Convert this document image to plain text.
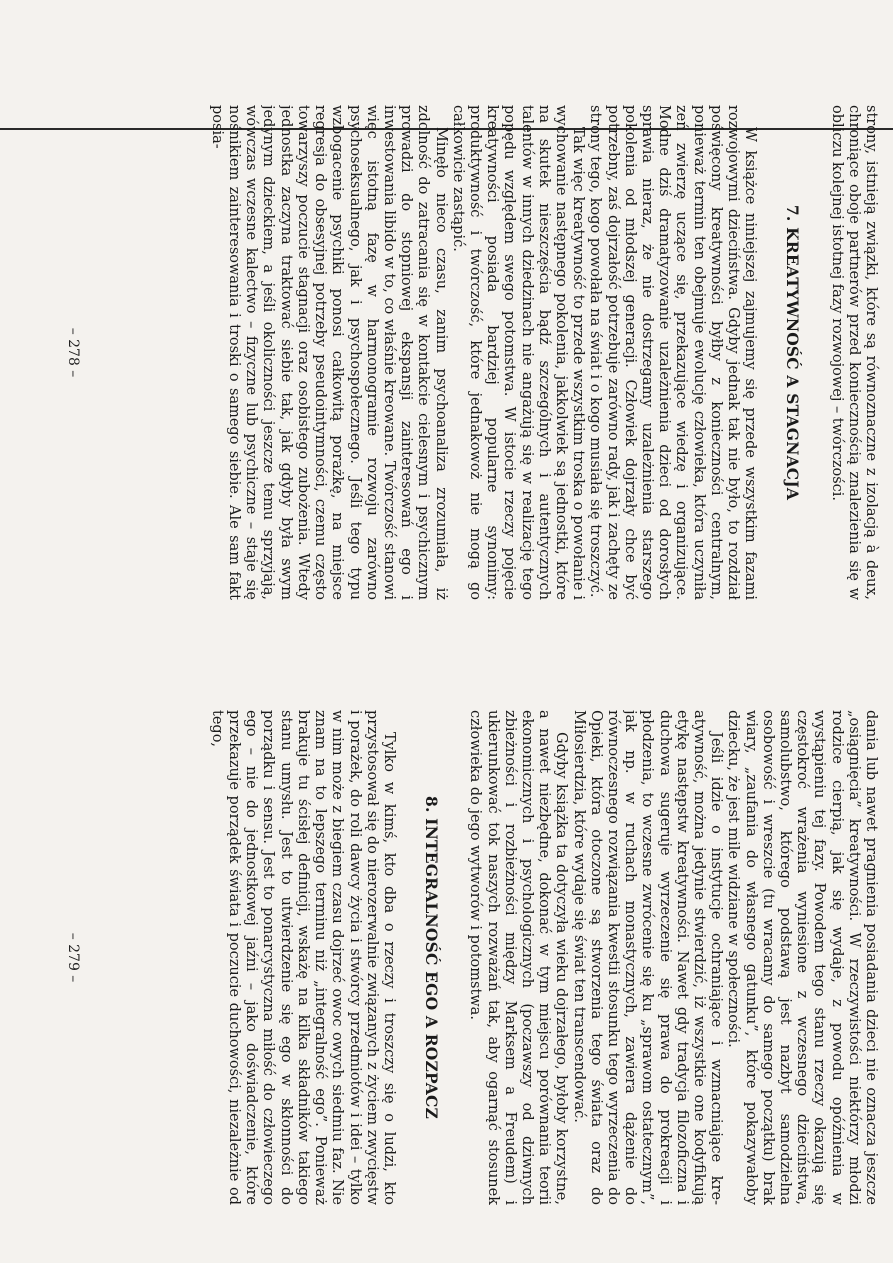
strony, istnieją związki, które są równoznaczne z izolacją à deux, chroniące oboje partnerów przed koniecznością znalezienia się w obliczu kolejnej istotnej fazy rozwojowej – twórczości.

7. KREATYWNOŚĆ A STAGNACJA

W książce niniejszej zajmujemy się przede wszystkim fazami rozwojowymi dzieciństwa. Gdyby jednak tak nie było, to rozdział poświęcony kreatywności byłby z konieczności centralnym, ponieważ termin ten obejmuje ewolucję człowieka, która uczyniła zeń zwierzę uczące się, przekazujące wiedzę i organizujące. Modne dziś dramatyzowanie uzależnienia dzieci od dorosłych sprawia nieraz, że nie dostrzegamy uzależnienia starszego pokolenia od młodszej generacji. Człowiek dojrzały chce być potrzebny, zaś dojrzałość potrzebuje zarówno rady, jak i zachęty ze strony tego, kogo powołała na świat i o kogo musiała się troszczyć.

Tak więc kreatywność to przede wszystkim troska o powołanie i wychowanie następnego pokolenia, jakkolwiek są jednostki, które na skutek nieszczęścia bądź szczególnych i autentycznych talentów w innych dziedzinach nie angażują się w realizację tego popędu względem swego potomstwa. W istocie rzeczy pojęcie kreatywności posiada bardziej popularne synonimy: produktywność i twórczość, które jednakowoż nie mogą go całkowicie zastąpić.

Minęło nieco czasu, zanim psychoanaliza zrozumiała, iż zdolność do zatracania się w kontakcie cielesnym i psychicznym prowadzi do stopniowej ekspansji zainteresowań ego i inwestowania libido w to, co właśnie kreowane. Twórczość stanowi więc istotną fazę w harmonogramie rozwoju zarówno psychoseksualnego, jak i psychospołecznego. Jeśli tego typu wzbogacenie psychiki ponosi całkowitą porażkę, na miejsce regresja do obsesyjnej potrzeby pseudointymności, czemu często towarzyszy poczucie stagnacji oraz osobistego zubożenia. Wtedy jednostka zaczyna traktować siebie tak, jak gdyby była swym jedynym dzieckiem, a jeśli okoliczności jeszcze temu sprzyjają, wówczas wczesne kalectwo – fizyczne lub psychiczne – staje się nośnikiem zainteresowania i troski o samego siebie. Ale sam fakt posia-

– 278 –

dania lub nawet pragnienia posiadania dzieci nie oznacza jeszcze „osiągnięcia” kreatywności. W rzeczywistości niektórzy młodzi rodzice cierpią, jak się wydaje, z powodu opóźnienia w wystąpieniu tej fazy. Powodem tego stanu rzeczy okazują się częstokroć wrażenia wyniesione z wczesnego dzieciństwa, samolubstwo, którego podstawą jest nazbyt samodzielna osobowość i wreszcie (tu wracamy do samego początku) brak wiary, „zaufania do własnego gatunku”, które pokazywałoby dziecku, że jest mile widziane w społeczności.

Jeśli idzie o instytucje ochraniające i wzmacniające kreatywność, można jedynie stwierdzić, iż wszystkie one kodyfikują etykę następstw kreatywności. Nawet gdy tradycja filozoficzna i duchowa sugeruje wyrzeczenie się prawa do prokreacji i płodzenia, to wczesne zwrócenie się ku „sprawom ostatecznym”, jak np. w ruchach monastycznych, zawiera dążenie do równoczesnego rozwiązania kwestii stosunku tego wyrzeczenia do Opieki, która otoczone są stworzenia tego świata oraz do Miłosierdzia, które wydaje się świat ten transcendować.

Gdyby książka ta dotyczyła wieku dojrzałego, byłoby korzystne, a nawet niezbędne, dokonać w tym miejscu porównania teorii ekonomicznych i psychologicznych (poczawszy od dziwnych zbieżności i rozbieżności między Marksem a Freudem) i ukierunkować tok naszych rozważań tak, aby ogarnąć stosunek człowieka do jego wytworów i potomstwa.

8. INTEGRALNOŚĆ EGO A ROZPACZ

Tylko w kimś, kto dba o rzeczy i troszczy się o ludzi, kto przystosował się do nierozerwalnie związanych z życiem zwycięstw i porażek, do roli dawcy życia i stwórcy przedmiotów i idei – tylko w nim może z biegiem czasu dojrzeć owoc owych siedmiu faz. Nie znam na to lepszego terminu niż „integralność ego”. Ponieważ brakuje tu ścisłej definicji, wskażę na kilka składników takiego stanu umysłu. Jest to utwierdzenie się ego w skłonności do porządku i sensu. Jest to ponarcystyczna miłość do człowieczego ego – nie do jednostkowej jaźni – jako doświadczenie, które przekazuje porządek świata i poczucie duchowości, niezależnie od tego,

– 279 –
